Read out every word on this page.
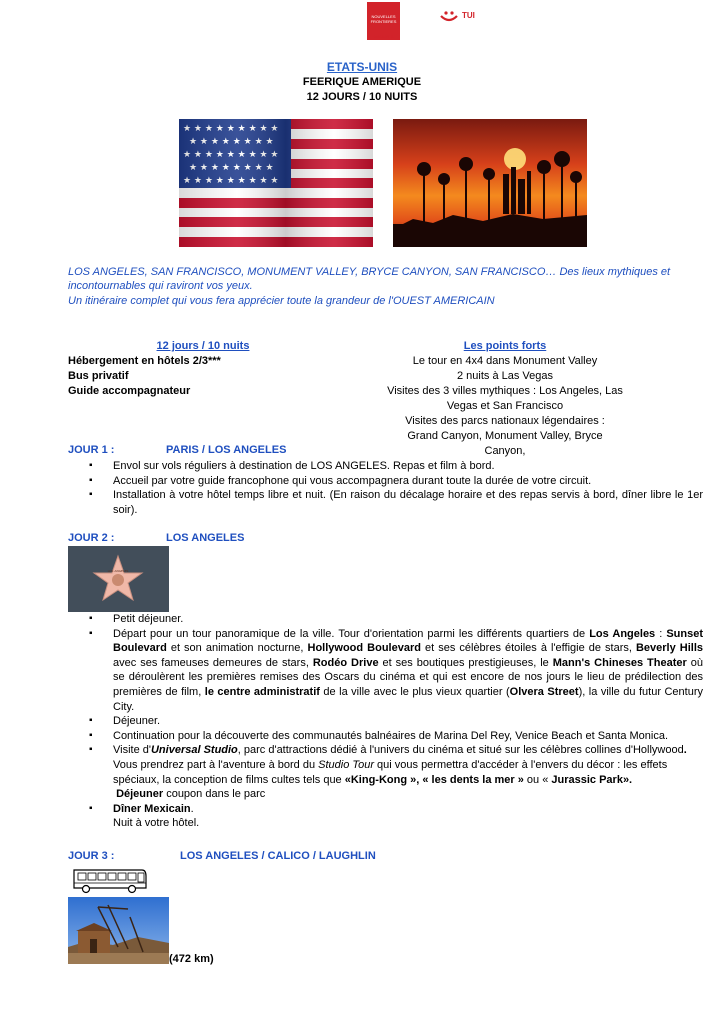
NOUVELLES
FRONTIERES
GROUPES
TUI
ETATS-UNIS
FEERIQUE AMERIQUE
12 JOURS / 10 NUITS
LOS ANGELES, SAN FRANCISCO, MONUMENT VALLEY, BRYCE CANYON, SAN FRANCISCO… Des lieux mythiques et incontournables qui raviront vos yeux.
Un itinéraire complet qui vous fera apprécier toute la grandeur de l'OUEST AMERICAIN
12 jours / 10 nuits
Hébergement en hôtels 2/3***
Bus privatif
Guide accompagnateur
Les points forts
Le tour en 4x4 dans Monument Valley
2 nuits à Las Vegas
Visites des 3 villes mythiques : Los Angeles, Las Vegas et San Francisco
Visites des parcs nationaux légendaires : Grand Canyon, Monument Valley, Bryce Canyon,
JOUR 1 :	PARIS / LOS ANGELES
▪ Envol sur vols réguliers à destination de LOS ANGELES. Repas et film à bord.
▪ Accueil par votre guide francophone qui vous accompagnera durant toute la durée de votre circuit.
▪ Installation à votre hôtel temps libre et nuit. (En raison du décalage horaire et des repas servis à bord, dîner libre le 1er soir).
JOUR 2 :	LOS ANGELES
LOS ANGELES
▪ Petit déjeuner.
▪ Départ pour un tour panoramique de la ville. Tour d'orientation parmi les différents quartiers de Los Angeles : Sunset Boulevard et son animation nocturne, Hollywood Boulevard et ses célèbres étoiles à l'effigie de stars, Beverly Hills avec ses fameuses demeures de stars, Rodéo Drive et ses boutiques prestigieuses, le Mann's Chineses Theater où se déroulèrent les premières remises des Oscars du cinéma et qui est encore de nos jours le lieu de prédilection des premières de film, le centre administratif de la ville avec le plus vieux quartier (Olvera Street), la ville du futur Century City.
▪ Déjeuner.
▪ Continuation pour la découverte des communautés balnéaires de Marina Del Rey, Venice Beach et Santa Monica.
▪ Visite d'Universal Studio, parc d'attractions dédié à l'univers du cinéma et situé sur les célèbres collines d'Hollywood. Vous prendrez part à l'aventure à bord du Studio Tour qui vous permettra d'accéder à l'envers du décor : les effets spéciaux, la conception de films cultes tels que «King-Kong », « les dents la mer » ou « Jurassic Park».
Déjeuner coupon dans le parc
▪ Dîner Mexicain.
Nuit à votre hôtel.
JOUR 3 :	LOS ANGELES / CALICO / LAUGHLIN
(472 km)
